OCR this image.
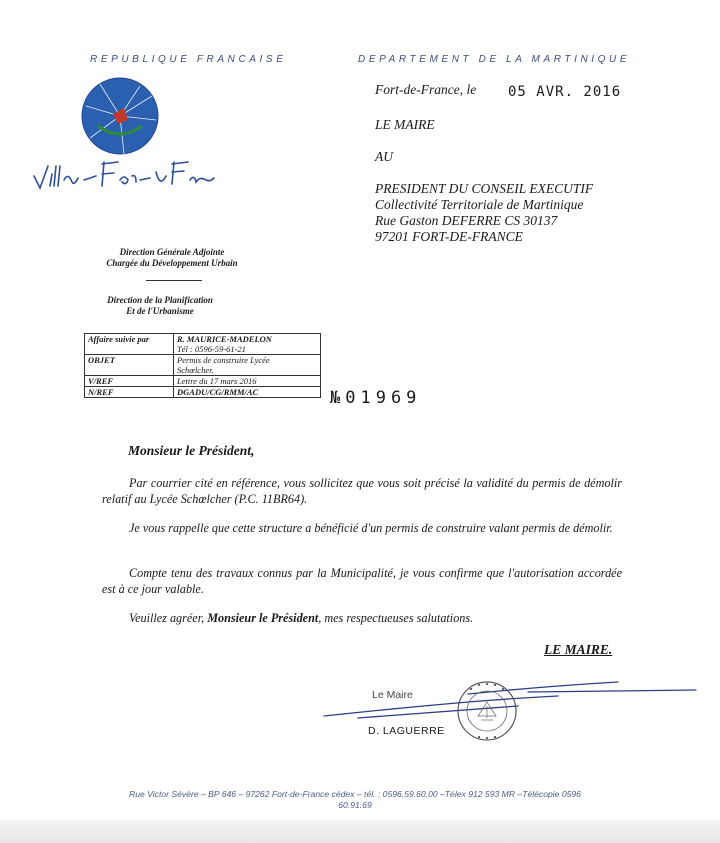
REPUBLIQUE FRANCAISE	DEPARTEMENT DE LA MARTINIQUE
Fort-de-France, le 05 AVR. 2016
LE MAIRE
AU
PRESIDENT DU CONSEIL EXECUTIF
Collectivité Territoriale de Martinique
Rue Gaston DEFERRE CS 30137
97201 FORT-DE-FRANCE
Direction Générale Adjointe
Chargée du Développement Urbain
Direction de la Planification
Et de l'Urbanisme
Affaire suivie par	R. MAURICE-MADELON
Tél : 0596-59-61-21

OBJET	Permis de construire Lycée
Schœlcher.

V/REF	Lettre du 17 mars 2016
N/REF	DGADU/CG/RMM/AC	№01969
Monsieur le Président,
Par courrier cité en référence, vous sollicitez que vous soit précisé la validité du permis de démolir relatif au Lycée Schœlcher (P.C. 11BR64).
Je vous rappelle que cette structure a bénéficié d'un permis de construire valant permis de démolir.
Compte tenu des travaux connus par la Municipalité, je vous confirme que l'autorisation accordée est à ce jour valable.
Veuillez agréer, Monsieur le Président, mes respectueuses salutations.
LE MAIRE.
Le Maire
D. LAGUERRE
Rue Victor Sévère – BP 646 – 97262 Fort-de-France cédex – tél. : 0596.59.60.00 –Télex 912 593 MR –Télécopie 0596
60.91.69
